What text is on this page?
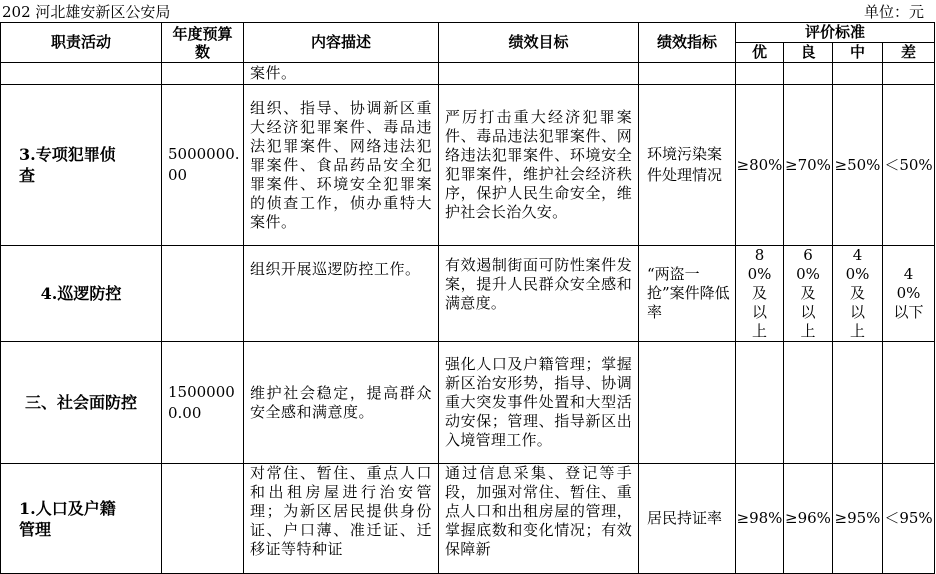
202 河北雄安新区公安局	单位：元
职责活动	年度预算数	内容描述	绩效目标	绩效指标	评价标准			
					优	良	中	差
		案件。						

3.专项犯罪侦查	5000000.00	组织、指导、协调新区重大经济犯罪案件、毒品违法犯罪案件、网络违法犯罪案件、食品药品安全犯罪案件、环境安全犯罪案的侦查工作，侦办重特大案件。	严厉打击重大经济犯罪案件、毒品违法犯罪案件、网络违法犯罪案件、环境安全犯罪案件，维护社会经济秩序，保护人民生命安全，维护社会长治久安。	环境污染案件处理情况	≥80%	≥70%	≥50%	＜50%
4.巡逻防控		组织开展巡逻防控工作。	有效遏制街面可防性案件发案，提升人民群众安全感和满意度。	“两盗一抢”案件降低率	80%及以上	60%及以上	40%及以上	40%以下
三、社会面防控	15000000.00	维护社会稳定，提高群众安全感和满意度。	强化人口及户籍管理；掌握新区治安形势，指导、协调重大突发事件处置和大型活动安保；管理、指导新区出入境管理工作。					

1.人口及户籍管理		对常住、暂住、重点人口和出租房屋进行治安管理；为新区居民提供身份证、户口薄、准迁证、迁移证等特种证	通过信息采集、登记等手段，加强对常住、暂住、重点人口和出租房屋的管理，掌握底数和变化情况；有效保障新	居民持证率	≥98%	≥96%	≥95%	＜95%
